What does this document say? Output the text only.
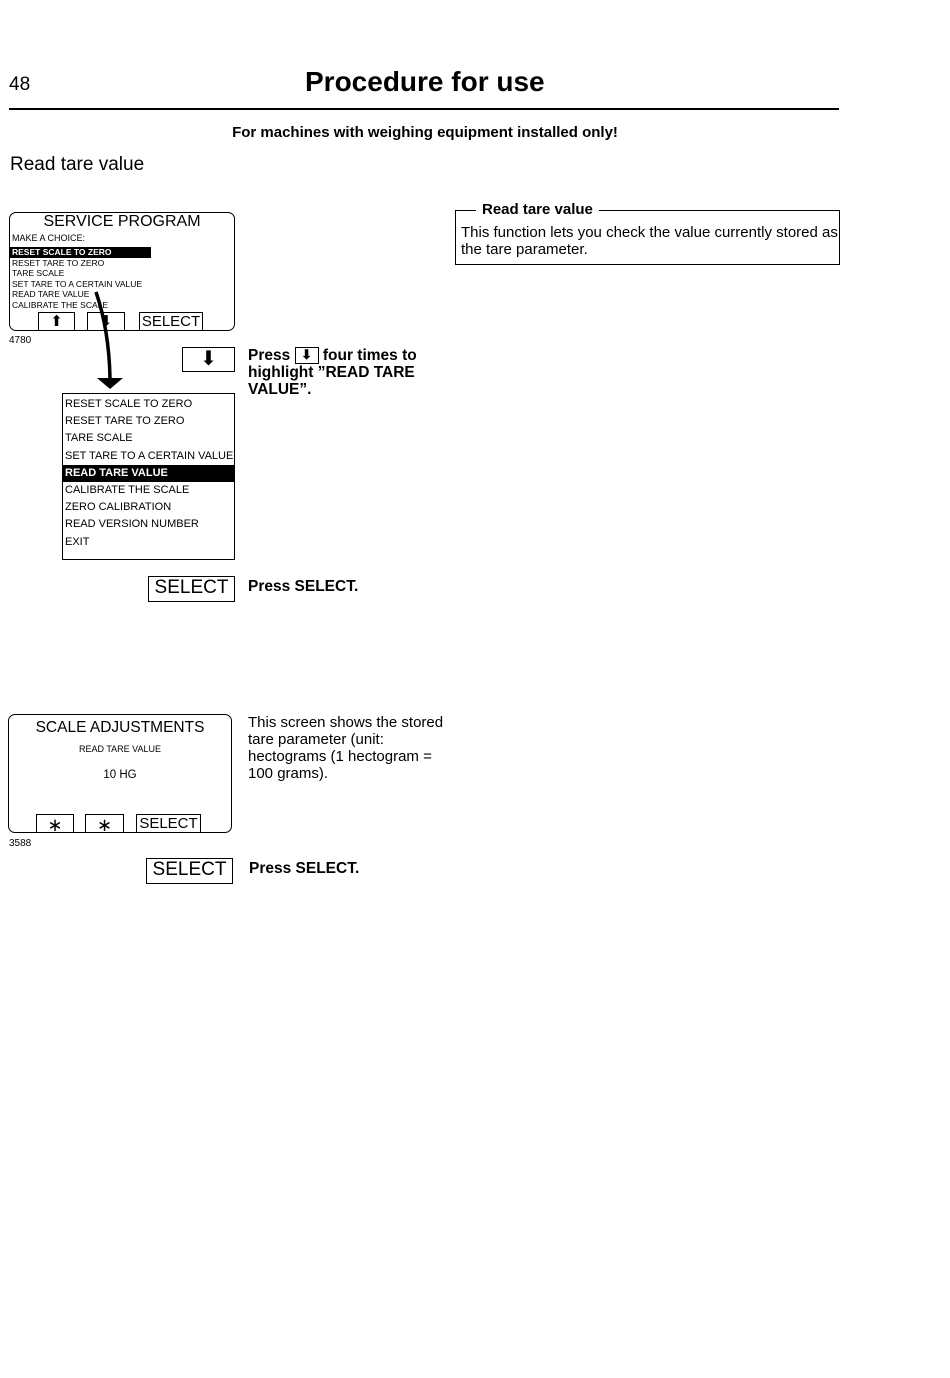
48	Procedure for use
For machines with weighing equipment installed only!
Read tare value
Read tare value
This function lets you check the value currently stored as the tare parameter.
SERVICE PROGRAM
MAKE A CHOICE:
RESET SCALE TO ZERO
RESET TARE TO ZERO
TARE SCALE
SET TARE TO A CERTAIN VALUE
READ TARE VALUE
CALIBRATE THE SCALE
⬆	⬇	SELECT
4780
⬇	Press ⬇ four times to highlight ”READ TARE VALUE”.
RESET SCALE TO ZERO
RESET TARE TO ZERO
TARE SCALE
SET TARE TO A CERTAIN VALUE
READ TARE VALUE
CALIBRATE THE SCALE
ZERO CALIBRATION
READ VERSION NUMBER
EXIT
SELECT	Press SELECT.
SCALE ADJUSTMENTS
READ TARE VALUE
10 HG
∗	∗	SELECT
3588
This screen shows the stored tare parameter (unit: hectograms (1 hectogram = 100 grams).
SELECT	Press SELECT.
